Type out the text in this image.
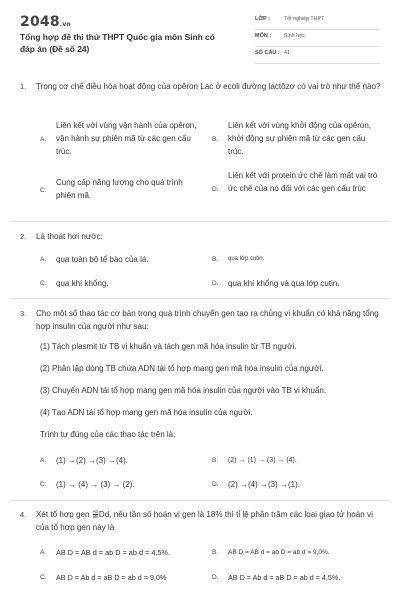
2048.vn
Tổng hợp đề thi thử THPT Quốc gia môn Sinh có đáp án (Đề số 24)
LỚP :	Tốt nghiệp THPT
MÔN : Sinh học
SỐ CÂU : 41
1. Trong cơ chế điều hòa hoạt động của opêron Lac ở ecoli đường lactôzơ có vai trò như thế nào?
A.
Liên kết với vùng vận hành của opêron, vận hành sự phiên mã từ các gen cấu trúc.
B.
Liên kết với vùng khởi động của opêron, khởi động sự phiên mã từ các gen cấu trúc.
C.
Cung cấp năng lượng cho quá trình phiên mã.
D.
Liên kết với protein ức chế làm mất vai trò ức chế của nó đối với các gen cấu trúc
2. Lá thoát hơi nước:
A. qua toàn bộ tế bào của lá.	B. qua lớp cutin.
C. qua khí khổng.	D. qua khí khổng và qua lớp cutin.
3. Cho một số thao tác cơ bản trong quá trình chuyển gen tạo ra chủng vi khuẩn có khả năng tổng hợp insulin của người như sau:
(1) Tách plasmit từ TB vi khuẩn và tách gen mã hóa insulin từ TB người.
(2) Phân lập dòng TB chứa ADN tái tổ hợp mang gen mã hóa insulin của người.
(3) Chuyển ADN tái tổ hợp mang gen mã hóa insulin của người vào TB vi khuẩn.
(4) Tạo ADN tái tổ hợp mang gen mã hóa insulin của người.
Trình tự đúng của các thao tác trên là:
A. (1) →(2) →(3) →(4).	B. (2) → (1) → (3) → (4).
C. (1) → (4) → (3) → (2).	D. (2) →(4) →(3) →(1).
4. Xét tổ hợp gen $\frac{Ab}{aB} Dd$, nếu tần số hoán vị gen là 18% thì tỉ lệ phần trăm các loại giao tử hoán vị của tổ hợp gen này là
A. AB D = AB d = ab D = ab d = 4,5%.	B. AB D = AB d = ab D = ab d = 9,0%.
C. AB D = Ab d = aB D = ab d = 9,0%	D. AB D = Ab d = aB D = ab d = 4,5%.
